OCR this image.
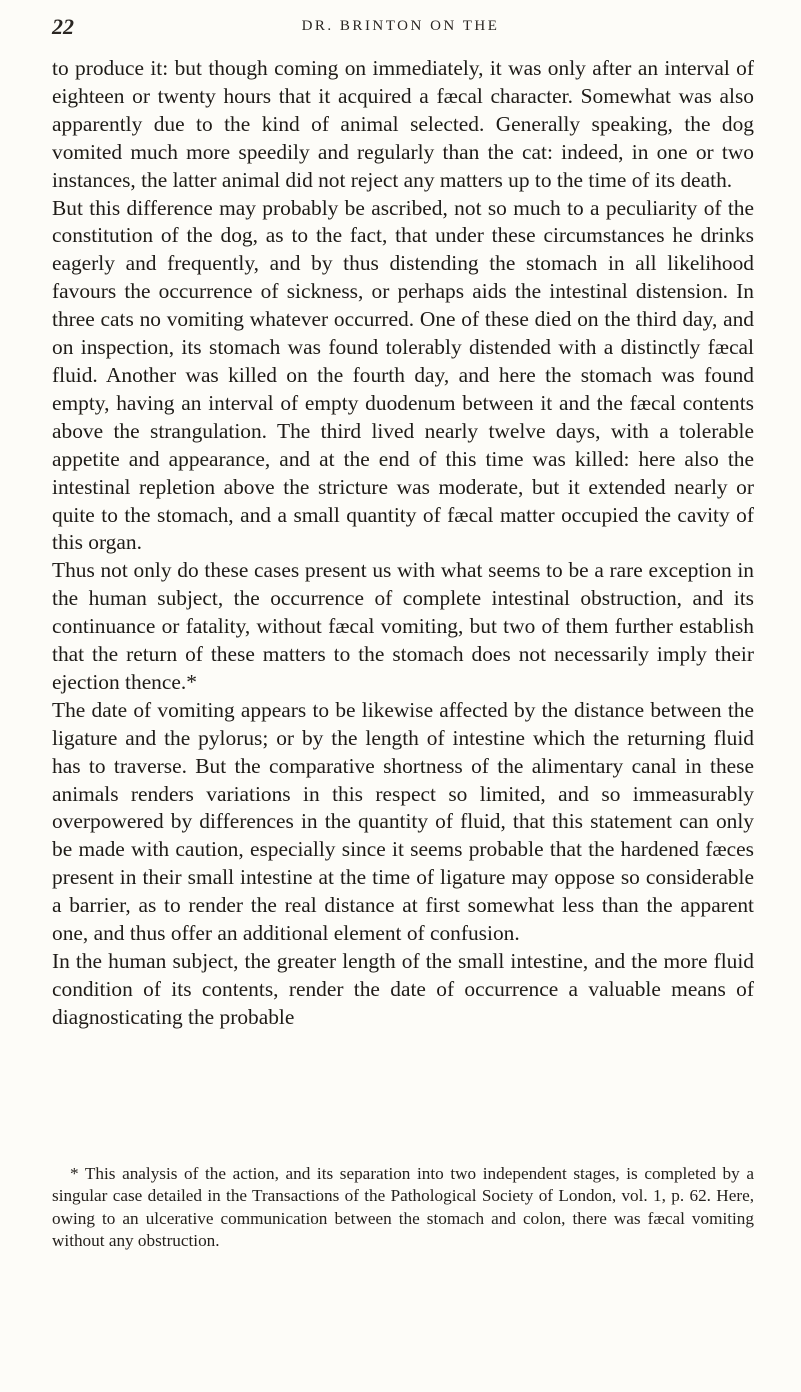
22	DR. BRINTON ON THE

to produce it: but though coming on immediately, it was only after an interval of eighteen or twenty hours that it acquired a fæcal character. Somewhat was also apparently due to the kind of animal selected. Generally speaking, the dog vomited much more speedily and regularly than the cat: indeed, in one or two instances, the latter animal did not reject any matters up to the time of its death.

But this difference may probably be ascribed, not so much to a peculiarity of the constitution of the dog, as to the fact, that under these circumstances he drinks eagerly and frequently, and by thus distending the stomach in all likelihood favours the occurrence of sickness, or perhaps aids the intestinal distension. In three cats no vomiting whatever occurred. One of these died on the third day, and on inspection, its stomach was found tolerably distended with a distinctly fæcal fluid. Another was killed on the fourth day, and here the stomach was found empty, having an interval of empty duodenum between it and the fæcal contents above the strangulation. The third lived nearly twelve days, with a tolerable appetite and appearance, and at the end of this time was killed: here also the intestinal repletion above the stricture was moderate, but it extended nearly or quite to the stomach, and a small quantity of fæcal matter occupied the cavity of this organ.

Thus not only do these cases present us with what seems to be a rare exception in the human subject, the occurrence of complete intestinal obstruction, and its continuance or fatality, without fæcal vomiting, but two of them further establish that the return of these matters to the stomach does not necessarily imply their ejection thence.*

The date of vomiting appears to be likewise affected by the distance between the ligature and the pylorus; or by the length of intestine which the returning fluid has to traverse. But the comparative shortness of the alimentary canal in these animals renders variations in this respect so limited, and so immeasurably overpowered by differences in the quantity of fluid, that this statement can only be made with caution, especially since it seems probable that the hardened fæces present in their small intestine at the time of ligature may oppose so considerable a barrier, as to render the real distance at first somewhat less than the apparent one, and thus offer an additional element of confusion.

In the human subject, the greater length of the small intestine, and the more fluid condition of its contents, render the date of occurrence a valuable means of diagnosticating the probable

* This analysis of the action, and its separation into two independent stages, is completed by a singular case detailed in the Transactions of the Pathological Society of London, vol. 1, p. 62. Here, owing to an ulcerative communication between the stomach and colon, there was fæcal vomiting without any obstruction.
